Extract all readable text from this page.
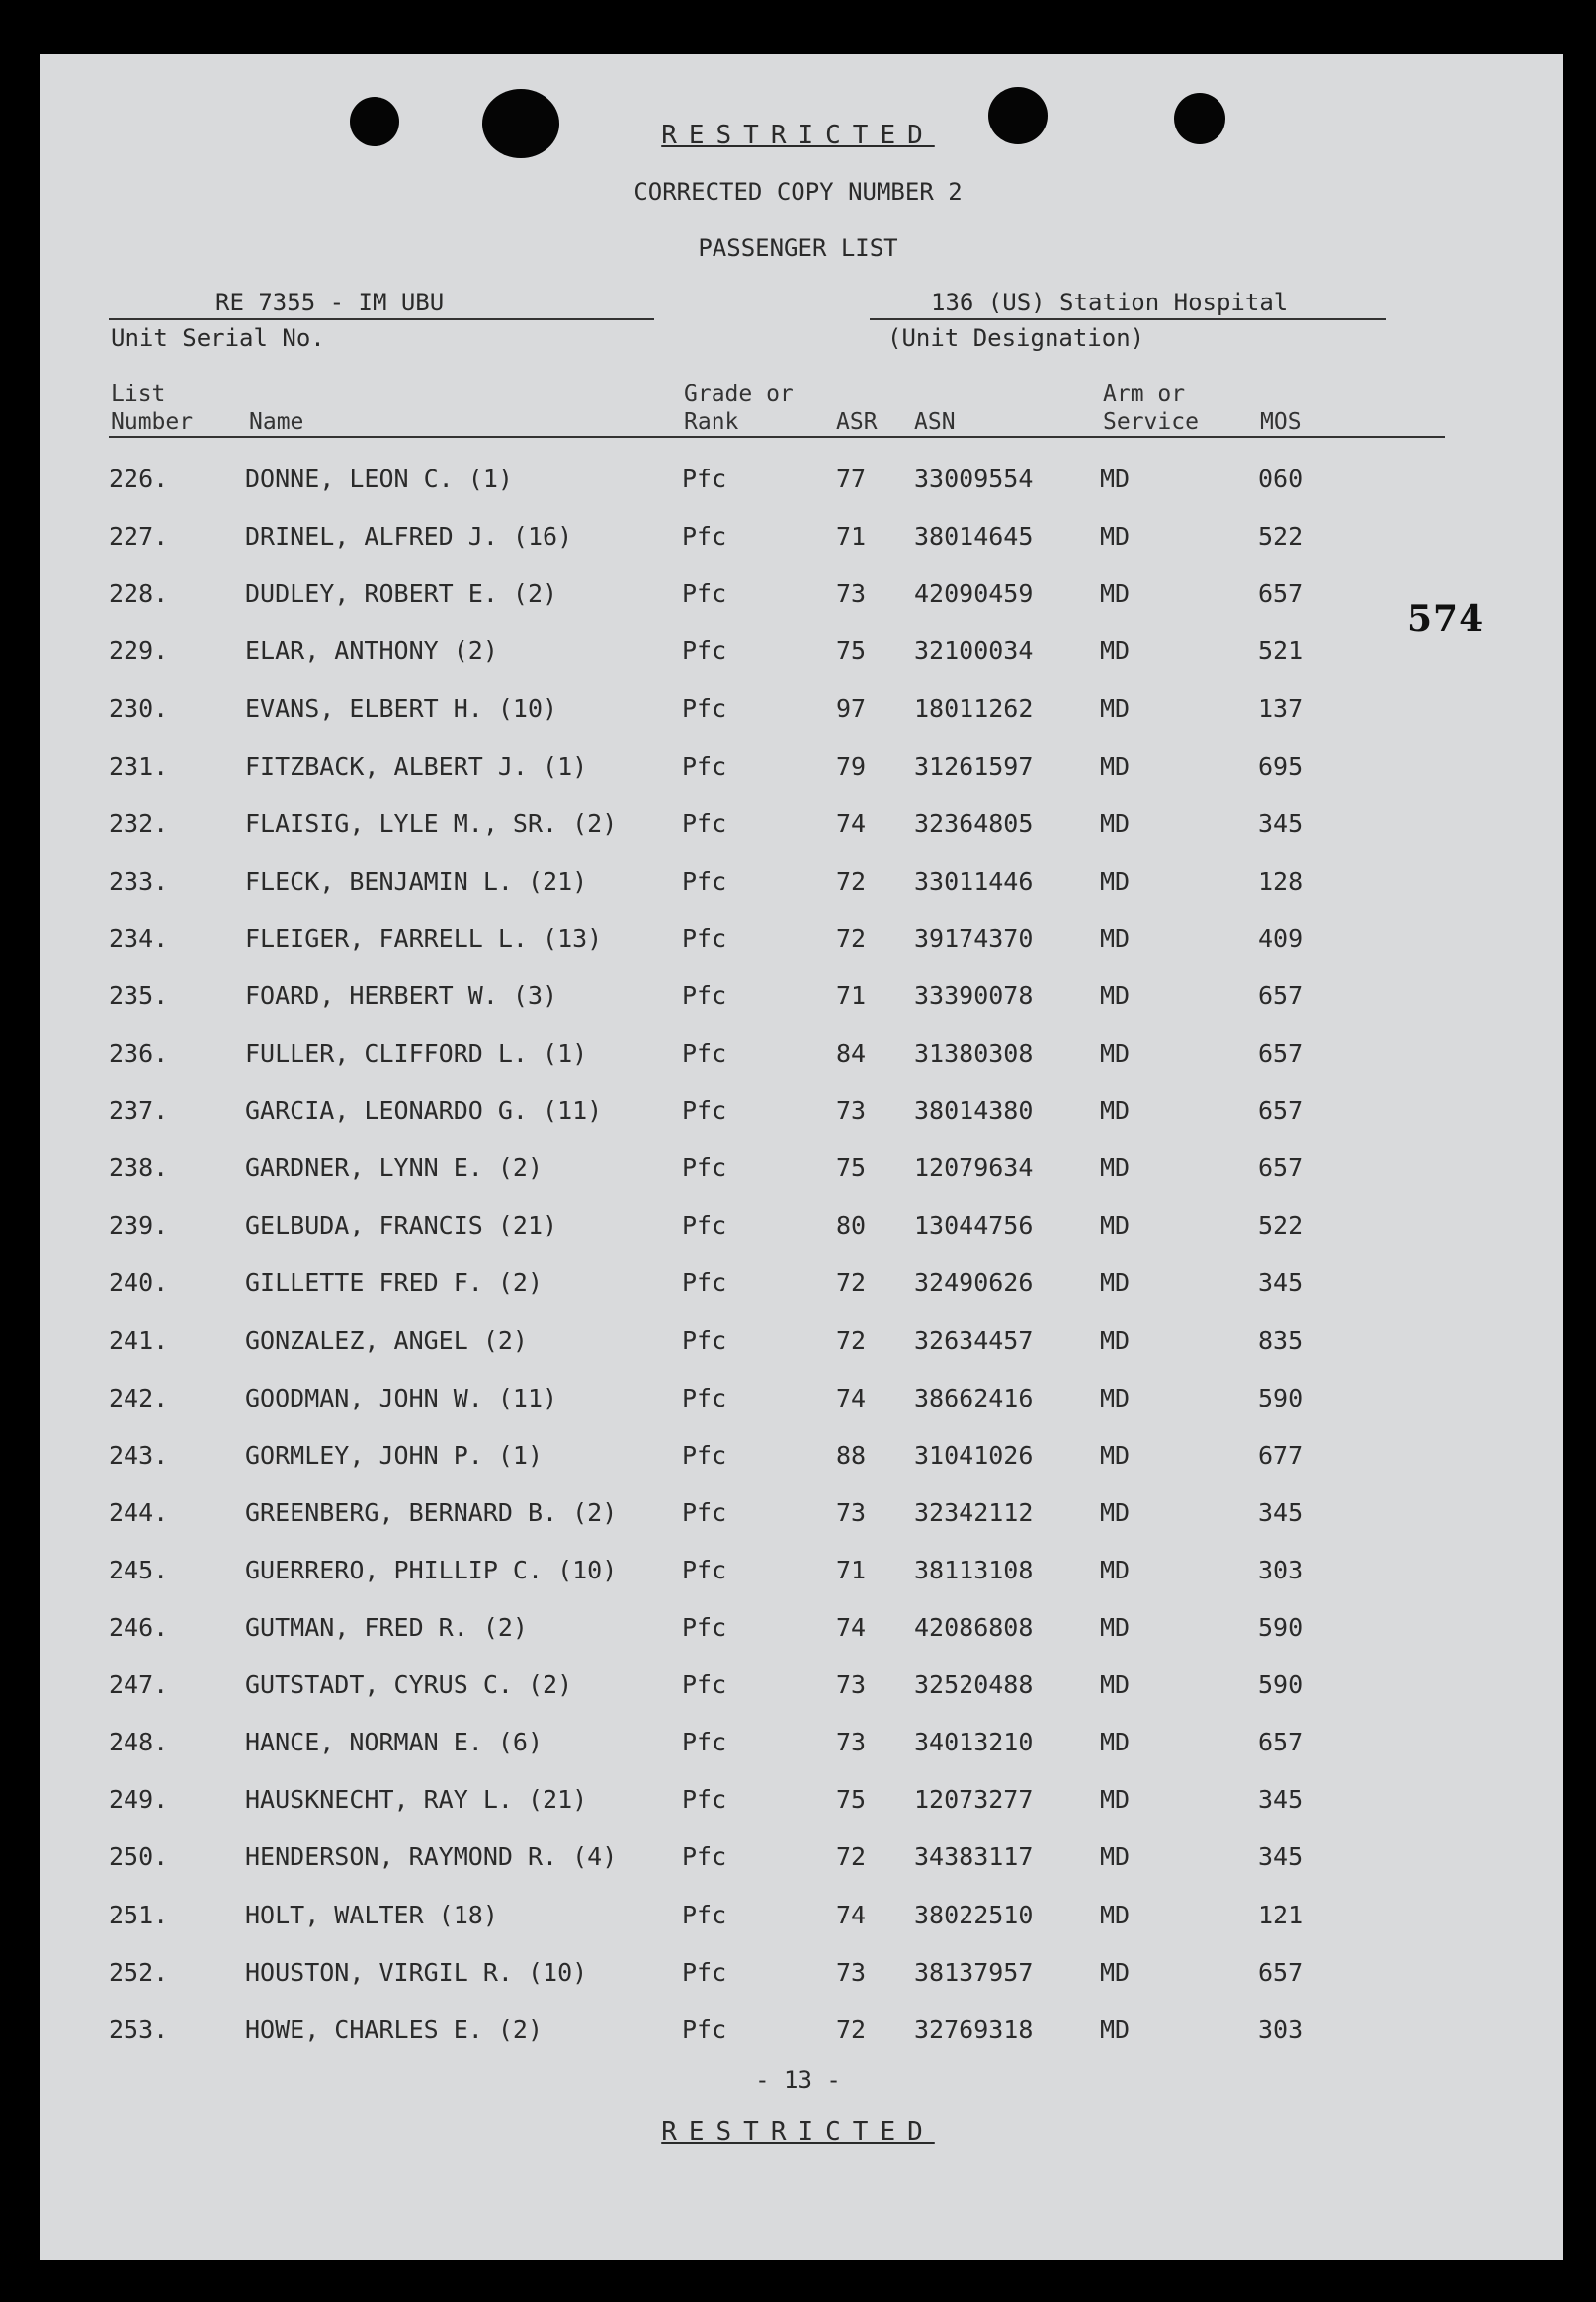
574
RESTRICTED
CORRECTED COPY NUMBER 2
PASSENGER LIST
RE 7355 - IM UBU
Unit Serial No.
136 (US) Station Hospital
(Unit Designation)
List
Number Name
Grade or
Rank	ASR ASN
Arm or
Service	MOS
226.	DONNE, LEON C. (1)	Pfc	77 33009554	MD	060
227.	DRINEL, ALFRED J. (16)	Pfc	71 38014645	MD	522
228.	DUDLEY, ROBERT E. (2)	Pfc	73 42090459	MD	657
229.	ELAR, ANTHONY (2)	Pfc	75 32100034	MD	521
230.	EVANS, ELBERT H. (10)	Pfc	97 18011262	MD	137
231.	FITZBACK, ALBERT J. (1)	Pfc	79 31261597	MD	695
232.	FLAISIG, LYLE M., SR. (2)	Pfc	74 32364805	MD	345
233.	FLECK, BENJAMIN L. (21)	Pfc	72 33011446	MD	128
234.	FLEIGER, FARRELL L. (13)	Pfc	72 39174370	MD	409
235.	FOARD, HERBERT W. (3)	Pfc	71 33390078	MD	657
236.	FULLER, CLIFFORD L. (1)	Pfc	84 31380308	MD	657
237.	GARCIA, LEONARDO G. (11)	Pfc	73 38014380	MD	657
238.	GARDNER, LYNN E. (2)	Pfc	75 12079634	MD	657
239.	GELBUDA, FRANCIS (21)	Pfc	80 13044756	MD	522
240.	GILLETTE FRED F. (2)	Pfc	72 32490626	MD	345
241.	GONZALEZ, ANGEL (2)	Pfc	72 32634457	MD	835
242.	GOODMAN, JOHN W. (11)	Pfc	74 38662416	MD	590
243.	GORMLEY, JOHN P. (1)	Pfc	88 31041026	MD	677
244.	GREENBERG, BERNARD B. (2)	Pfc	73 32342112	MD	345
245.	GUERRERO, PHILLIP C. (10)	Pfc	71 38113108	MD	303
246.	GUTMAN, FRED R. (2)	Pfc	74 42086808	MD	590
247.	GUTSTADT, CYRUS C. (2)	Pfc	73 32520488	MD	590
248.	HANCE, NORMAN E. (6)	Pfc	73 34013210	MD	657
249.	HAUSKNECHT, RAY L. (21)	Pfc	75 12073277	MD	345
250.	HENDERSON, RAYMOND R. (4)	Pfc	72 34383117	MD	345
251.	HOLT, WALTER (18)	Pfc	74 38022510	MD	121
252.	HOUSTON, VIRGIL R. (10)	Pfc	73 38137957	MD	657
253.	HOWE, CHARLES E. (2)	Pfc	72 32769318	MD	303
- 13 -
RESTRICTED
